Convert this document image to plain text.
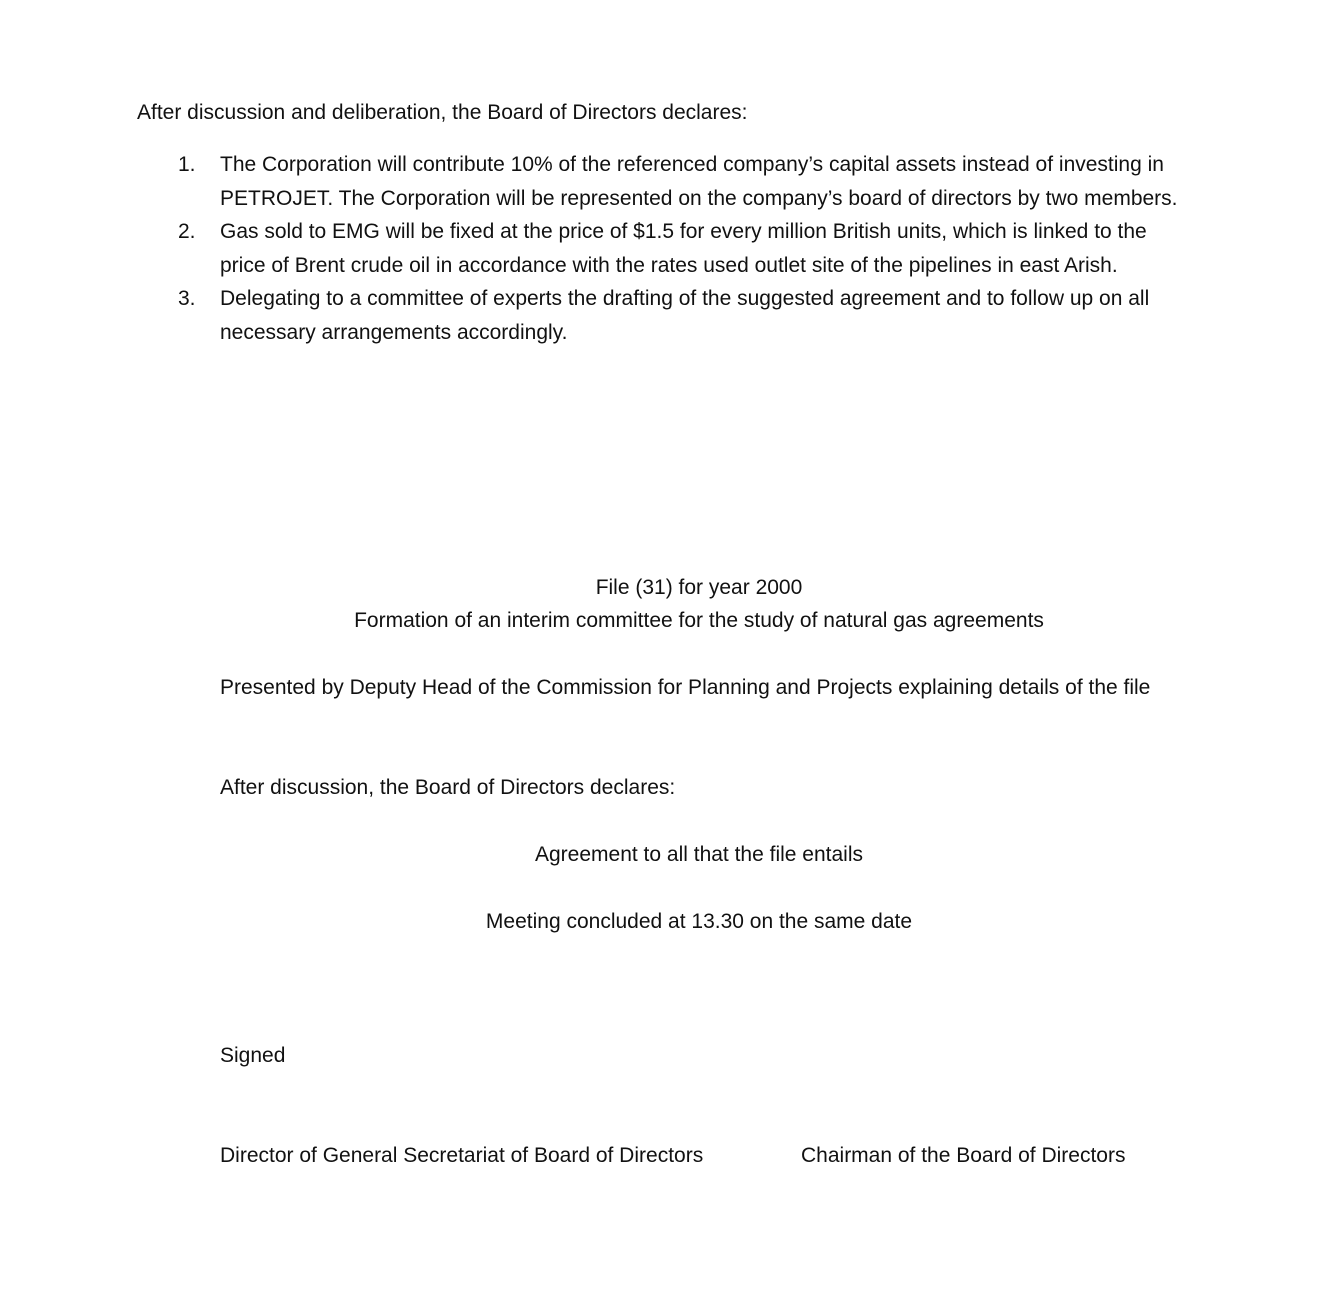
After discussion and deliberation, the Board of Directors declares:
1. The Corporation will contribute 10% of the referenced company’s capital assets instead of investing in PETROJET. The Corporation will be represented on the company’s board of directors by two members.
2. Gas sold to EMG will be fixed at the price of $1.5 for every million British units, which is linked to the price of Brent crude oil in accordance with the rates used outlet site of the pipelines in east Arish.
3. Delegating to a committee of experts the drafting of the suggested agreement and to follow up on all necessary arrangements accordingly.
File (31) for year 2000
Formation of an interim committee for the study of natural gas agreements
Presented by Deputy Head of the Commission for Planning and Projects explaining details of the file
After discussion, the Board of Directors declares:
Agreement to all that the file entails
Meeting concluded at 13.30 on the same date
Signed
Director of General Secretariat of Board of Directors	Chairman of the Board of Directors
